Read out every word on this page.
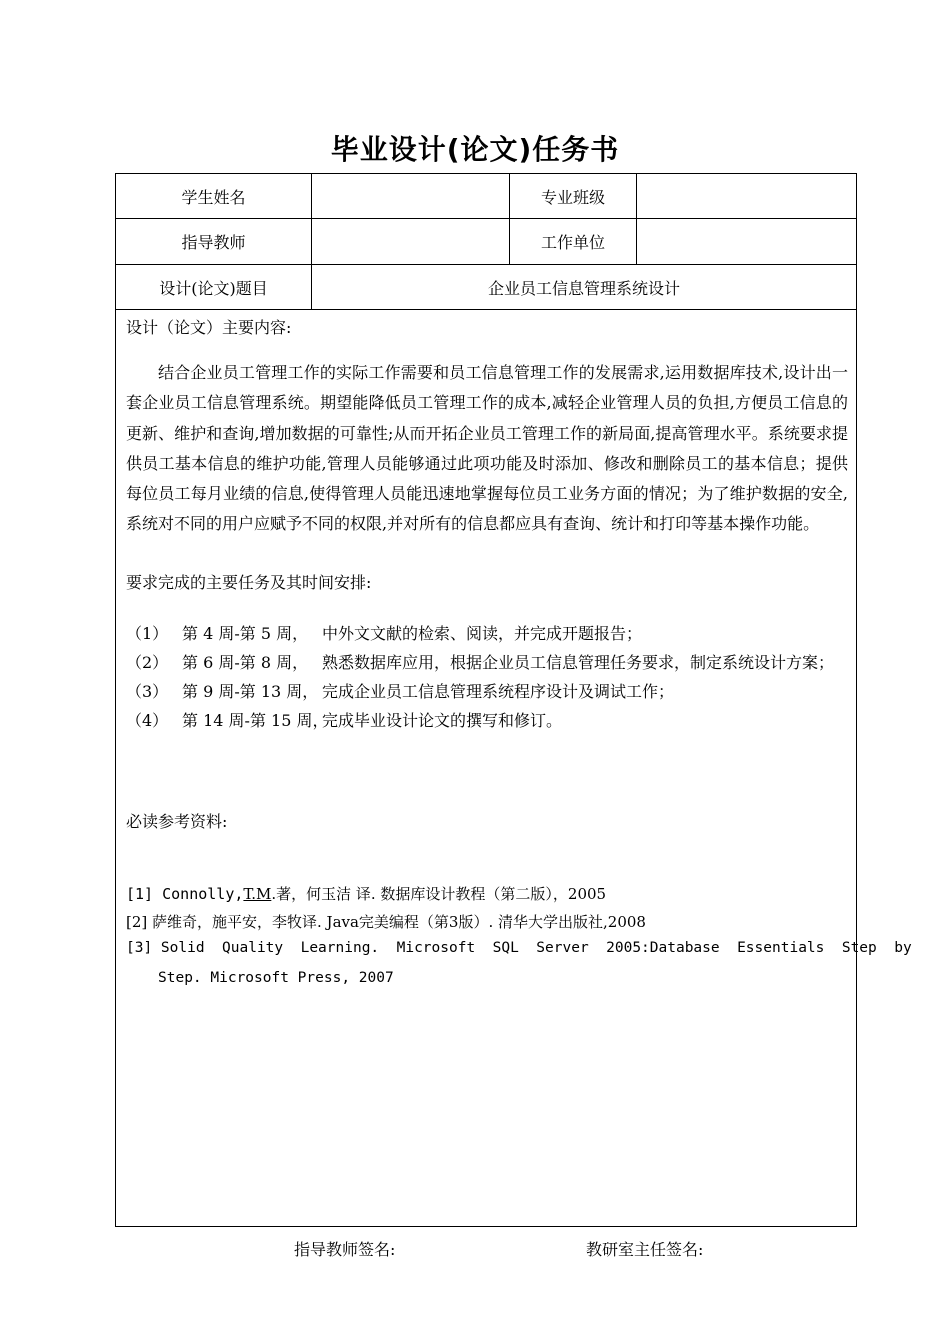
毕业设计(论文)任务书
学生姓名	专业班级
指导教师	工作单位
设计(论文)题目	企业员工信息管理系统设计
设计（论文）主要内容:
结合企业员工管理工作的实际工作需要和员工信息管理工作的发展需求,运用数据库技术,设计出一套企业员工信息管理系统。期望能降低员工管理工作的成本,减轻企业管理人员的负担,方便员工信息的更新、维护和查询,增加数据的可靠性;从而开拓企业员工管理工作的新局面,提高管理水平。系统要求提供员工基本信息的维护功能,管理人员能够通过此项功能及时添加、修改和删除员工的基本信息；提供每位员工每月业绩的信息,使得管理人员能迅速地掌握每位员工业务方面的情况；为了维护数据的安全,系统对不同的用户应赋予不同的权限,并对所有的信息都应具有查询、统计和打印等基本操作功能。
要求完成的主要任务及其时间安排:
（1） 第 4 周-第 5 周， 中外文文献的检索、阅读，并完成开题报告；
（2） 第 6 周-第 8 周， 熟悉数据库应用，根据企业员工信息管理任务要求，制定系统设计方案；
（3） 第 9 周-第 13 周， 完成企业员工信息管理系统程序设计及调试工作；
（4） 第 14 周-第 15 周，完成毕业设计论文的撰写和修订。
必读参考资料:
[1] Connolly,T.M.著，何玉洁 译. 数据库设计教程（第二版），2005
[2] 萨维奇，施平安，李牧译. Java完美编程（第3版）. 清华大学出版社,2008
[3] Solid  Quality  Learning.  Microsoft  SQL  Server  2005:Database  Essentials  Step  by
Step. Microsoft Press, 2007
指导教师签名:	教研室主任签名:
